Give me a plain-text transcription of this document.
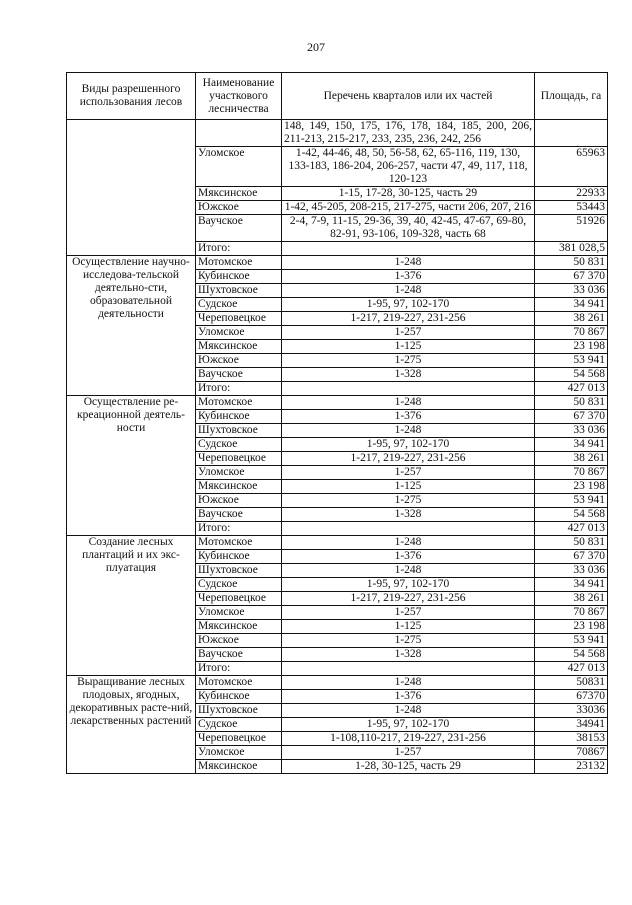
207
Виды разрешенного использования лесов	Наименование участкового лесничества	Перечень кварталов или их частей	Площадь, га
		148, 149, 150, 175, 176, 178, 184, 185, 200, 206, 211-213, 215-217, 233, 235, 236, 242, 256	
	Уломское	1-42, 44-46, 48, 50, 56-58, 62, 65-116, 119, 130, 133-183, 186-204, 206-257, части 47, 49, 117, 118, 120-123	65963
	Мяксинское	1-15, 17-28, 30-125, часть 29	22933
	Южское	1-42, 45-205, 208-215, 217-275, части 206, 207, 216	53443
	Ваучское	2-4, 7-9, 11-15, 29-36, 39, 40, 42-45, 47-67, 69-80, 82-91, 93-106, 109-328, часть 68	51926
	Итого:		381 028,5
Осуществление научно-исследова-тельской деятельно-сти, образовательной деятельности	Мотомское	1-248	50 831
	Кубинское	1-376	67 370
	Шухтовское	1-248	33 036
	Судское	1-95, 97, 102-170	34 941
	Череповецкое	1-217, 219-227, 231-256	38 261
	Уломское	1-257	70 867
	Мяксинское	1-125	23 198
	Южское	1-275	53 941
	Ваучское	1-328	54 568
	Итого:		427 013
Осуществление ре-креационной деятель-ности	Мотомское	1-248	50 831
	Кубинское	1-376	67 370
	Шухтовское	1-248	33 036
	Судское	1-95, 97, 102-170	34 941
	Череповецкое	1-217, 219-227, 231-256	38 261
	Уломское	1-257	70 867
	Мяксинское	1-125	23 198
	Южское	1-275	53 941
	Ваучское	1-328	54 568
	Итого:		427 013
Создание лесных плантаций и их экс-плуатация	Мотомское	1-248	50 831
	Кубинское	1-376	67 370
	Шухтовское	1-248	33 036
	Судское	1-95, 97, 102-170	34 941
	Череповецкое	1-217, 219-227, 231-256	38 261
	Уломское	1-257	70 867
	Мяксинское	1-125	23 198
	Южское	1-275	53 941
	Ваучское	1-328	54 568
	Итого:		427 013
Выращивание лесных плодовых, ягодных, декоративных расте-ний, лекарственных растений	Мотомское	1-248	50831
	Кубинское	1-376	67370
	Шухтовское	1-248	33036
	Судское	1-95, 97, 102-170	34941
	Череповецкое	1-108,110-217, 219-227, 231-256	38153
	Уломское	1-257	70867
	Мяксинское	1-28, 30-125, часть 29	23132
